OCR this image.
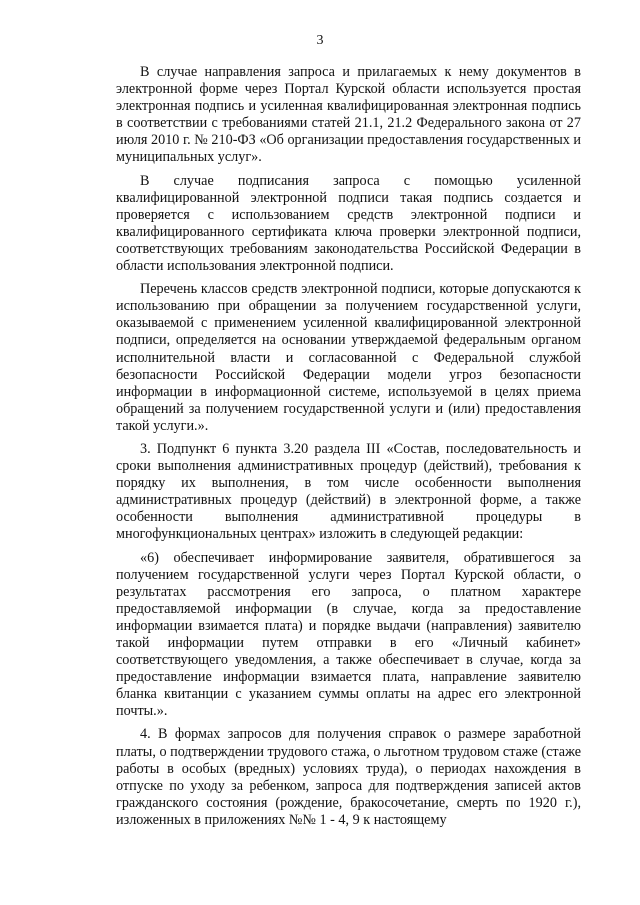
3

В случае направления запроса и прилагаемых к нему документов в электронной форме через Портал Курской области используется простая электронная подпись и усиленная квалифицированная электронная подпись в соответствии с требованиями статей 21.1, 21.2 Федерального закона от 27 июля 2010 г. № 210-ФЗ «Об организации предоставления государственных и муниципальных услуг».

В случае подписания запроса с помощью усиленной квалифицированной электронной подписи такая подпись создается и проверяется с использованием средств электронной подписи и квалифицированного сертификата ключа проверки электронной подписи, соответствующих требованиям законодательства Российской Федерации в области использования электронной подписи.

Перечень классов средств электронной подписи, которые допускаются к использованию при обращении за получением государственной услуги, оказываемой с применением усиленной квалифицированной электронной подписи, определяется на основании утверждаемой федеральным органом исполнительной власти и согласованной с Федеральной службой безопасности Российской Федерации модели угроз безопасности информации в информационной системе, используемой в целях приема обращений за получением государственной услуги и (или) предоставления такой услуги.».

3. Подпункт 6 пункта 3.20 раздела III «Состав, последовательность и сроки выполнения административных процедур (действий), требования к порядку их выполнения, в том числе особенности выполнения административных процедур (действий) в электронной форме, а также особенности выполнения административной процедуры в многофункциональных центрах» изложить в следующей редакции:

«6) обеспечивает информирование заявителя, обратившегося за получением государственной услуги через Портал Курской области, о результатах рассмотрения его запроса, о платном характере предоставляемой информации (в случае, когда за предоставление информации взимается плата) и порядке выдачи (направления) заявителю такой информации путем отправки в его «Личный кабинет» соответствующего уведомления, а также обеспечивает в случае, когда за предоставление информации взимается плата, направление заявителю бланка квитанции с указанием суммы оплаты на адрес его электронной почты.».

4. В формах запросов для получения справок о размере заработной платы, о подтверждении трудового стажа, о льготном трудовом стаже (стаже работы в особых (вредных) условиях труда), о периодах нахождения в отпуске по уходу за ребенком, запроса для подтверждения записей актов гражданского состояния (рождение, бракосочетание, смерть по 1920 г.), изложенных в приложениях №№ 1 - 4, 9 к настоящему
